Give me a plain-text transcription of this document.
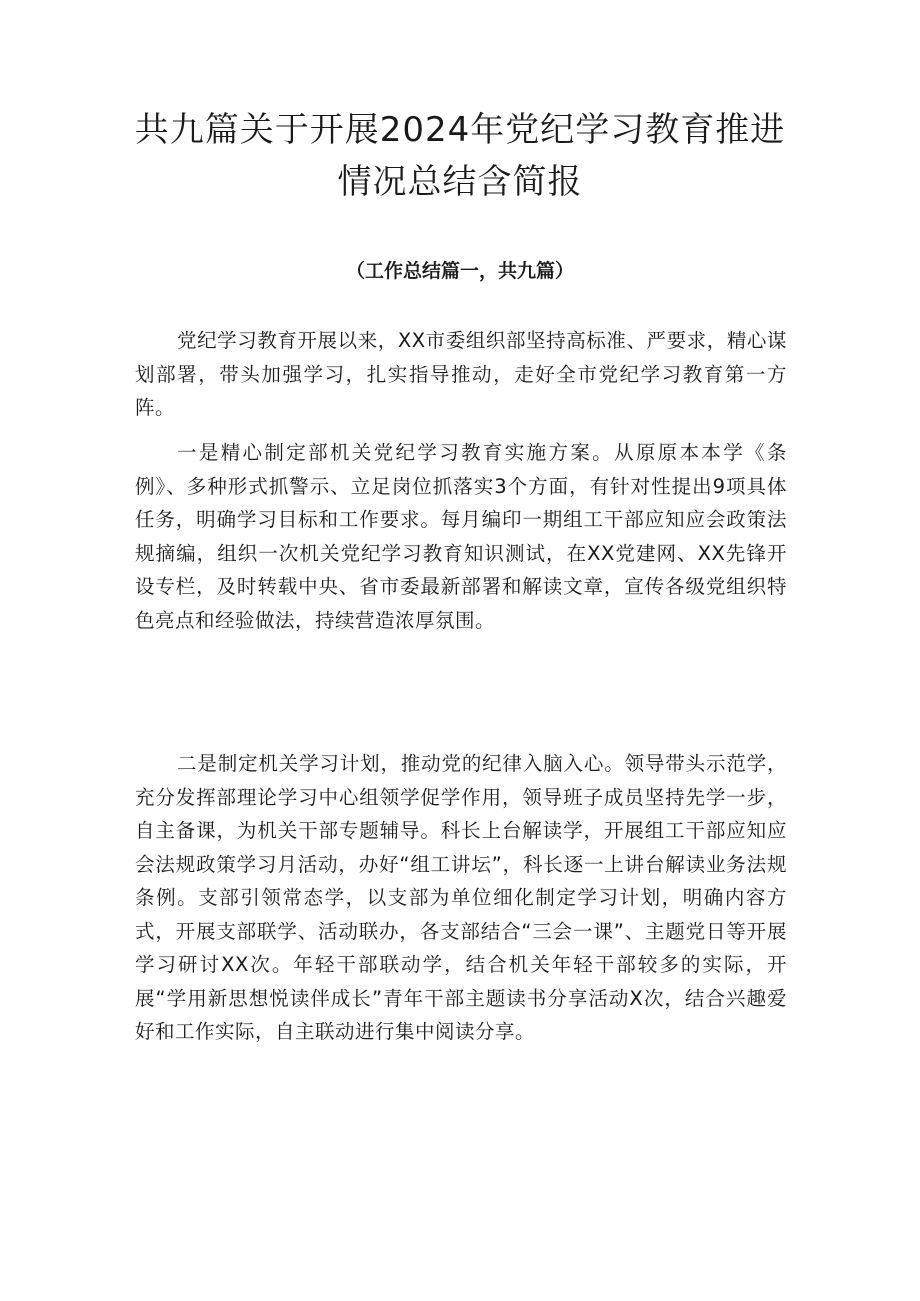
共九篇关于开展2024年党纪学习教育推进
情况总结含简报

（工作总结篇一，共九篇）

党纪学习教育开展以来，XX市委组织部坚持高标准、严要求，精心谋划部署，带头加强学习，扎实指导推动，走好全市党纪学习教育第一方阵。

一是精心制定部机关党纪学习教育实施方案。从原原本本学《条例》、多种形式抓警示、立足岗位抓落实3个方面，有针对性提出9项具体任务，明确学习目标和工作要求。每月编印一期组工干部应知应会政策法规摘编，组织一次机关党纪学习教育知识测试，在XX党建网、XX先锋开设专栏，及时转载中央、省市委最新部署和解读文章，宣传各级党组织特色亮点和经验做法，持续营造浓厚氛围。

二是制定机关学习计划，推动党的纪律入脑入心。领导带头示范学，充分发挥部理论学习中心组领学促学作用，领导班子成员坚持先学一步，自主备课，为机关干部专题辅导。科长上台解读学，开展组工干部应知应会法规政策学习月活动，办好“组工讲坛”，科长逐一上讲台解读业务法规条例。支部引领常态学，以支部为单位细化制定学习计划，明确内容方式，开展支部联学、活动联办，各支部结合“三会一课”、主题党日等开展学习研讨XX次。年轻干部联动学，结合机关年轻干部较多的实际，开展“学用新思想悦读伴成长”青年干部主题读书分享活动X次，结合兴趣爱好和工作实际，自主联动进行集中阅读分享。
